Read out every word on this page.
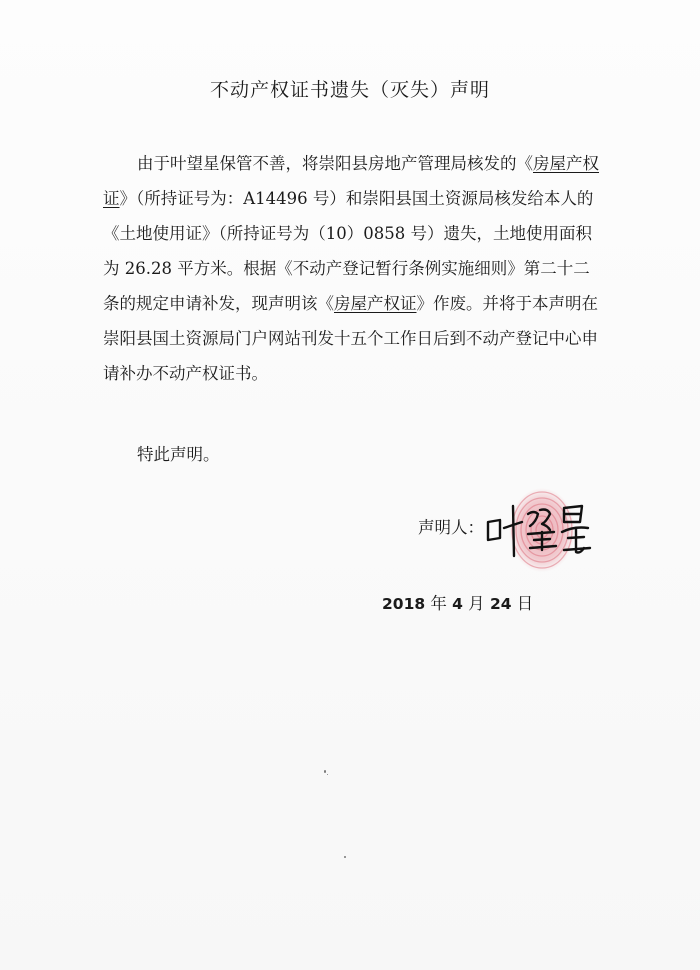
不动产权证书遗失（灭失）声明

由于叶望星保管不善，将崇阳县房地产管理局核发的《房屋产权证》（所持证号为：A14496 号）和崇阳县国土资源局核发给本人的《土地使用证》（所持证号为（10）0858 号）遗失，土地使用面积为 26.28 平方米。根据《不动产登记暂行条例实施细则》第二十二条的规定申请补发，现声明该《房屋产权证》作废。并将于本声明在崇阳县国土资源局门户网站刊发十五个工作日后到不动产登记中心申请补办不动产权证书。

特此声明。
声明人：
2018 年 4 月 24 日
